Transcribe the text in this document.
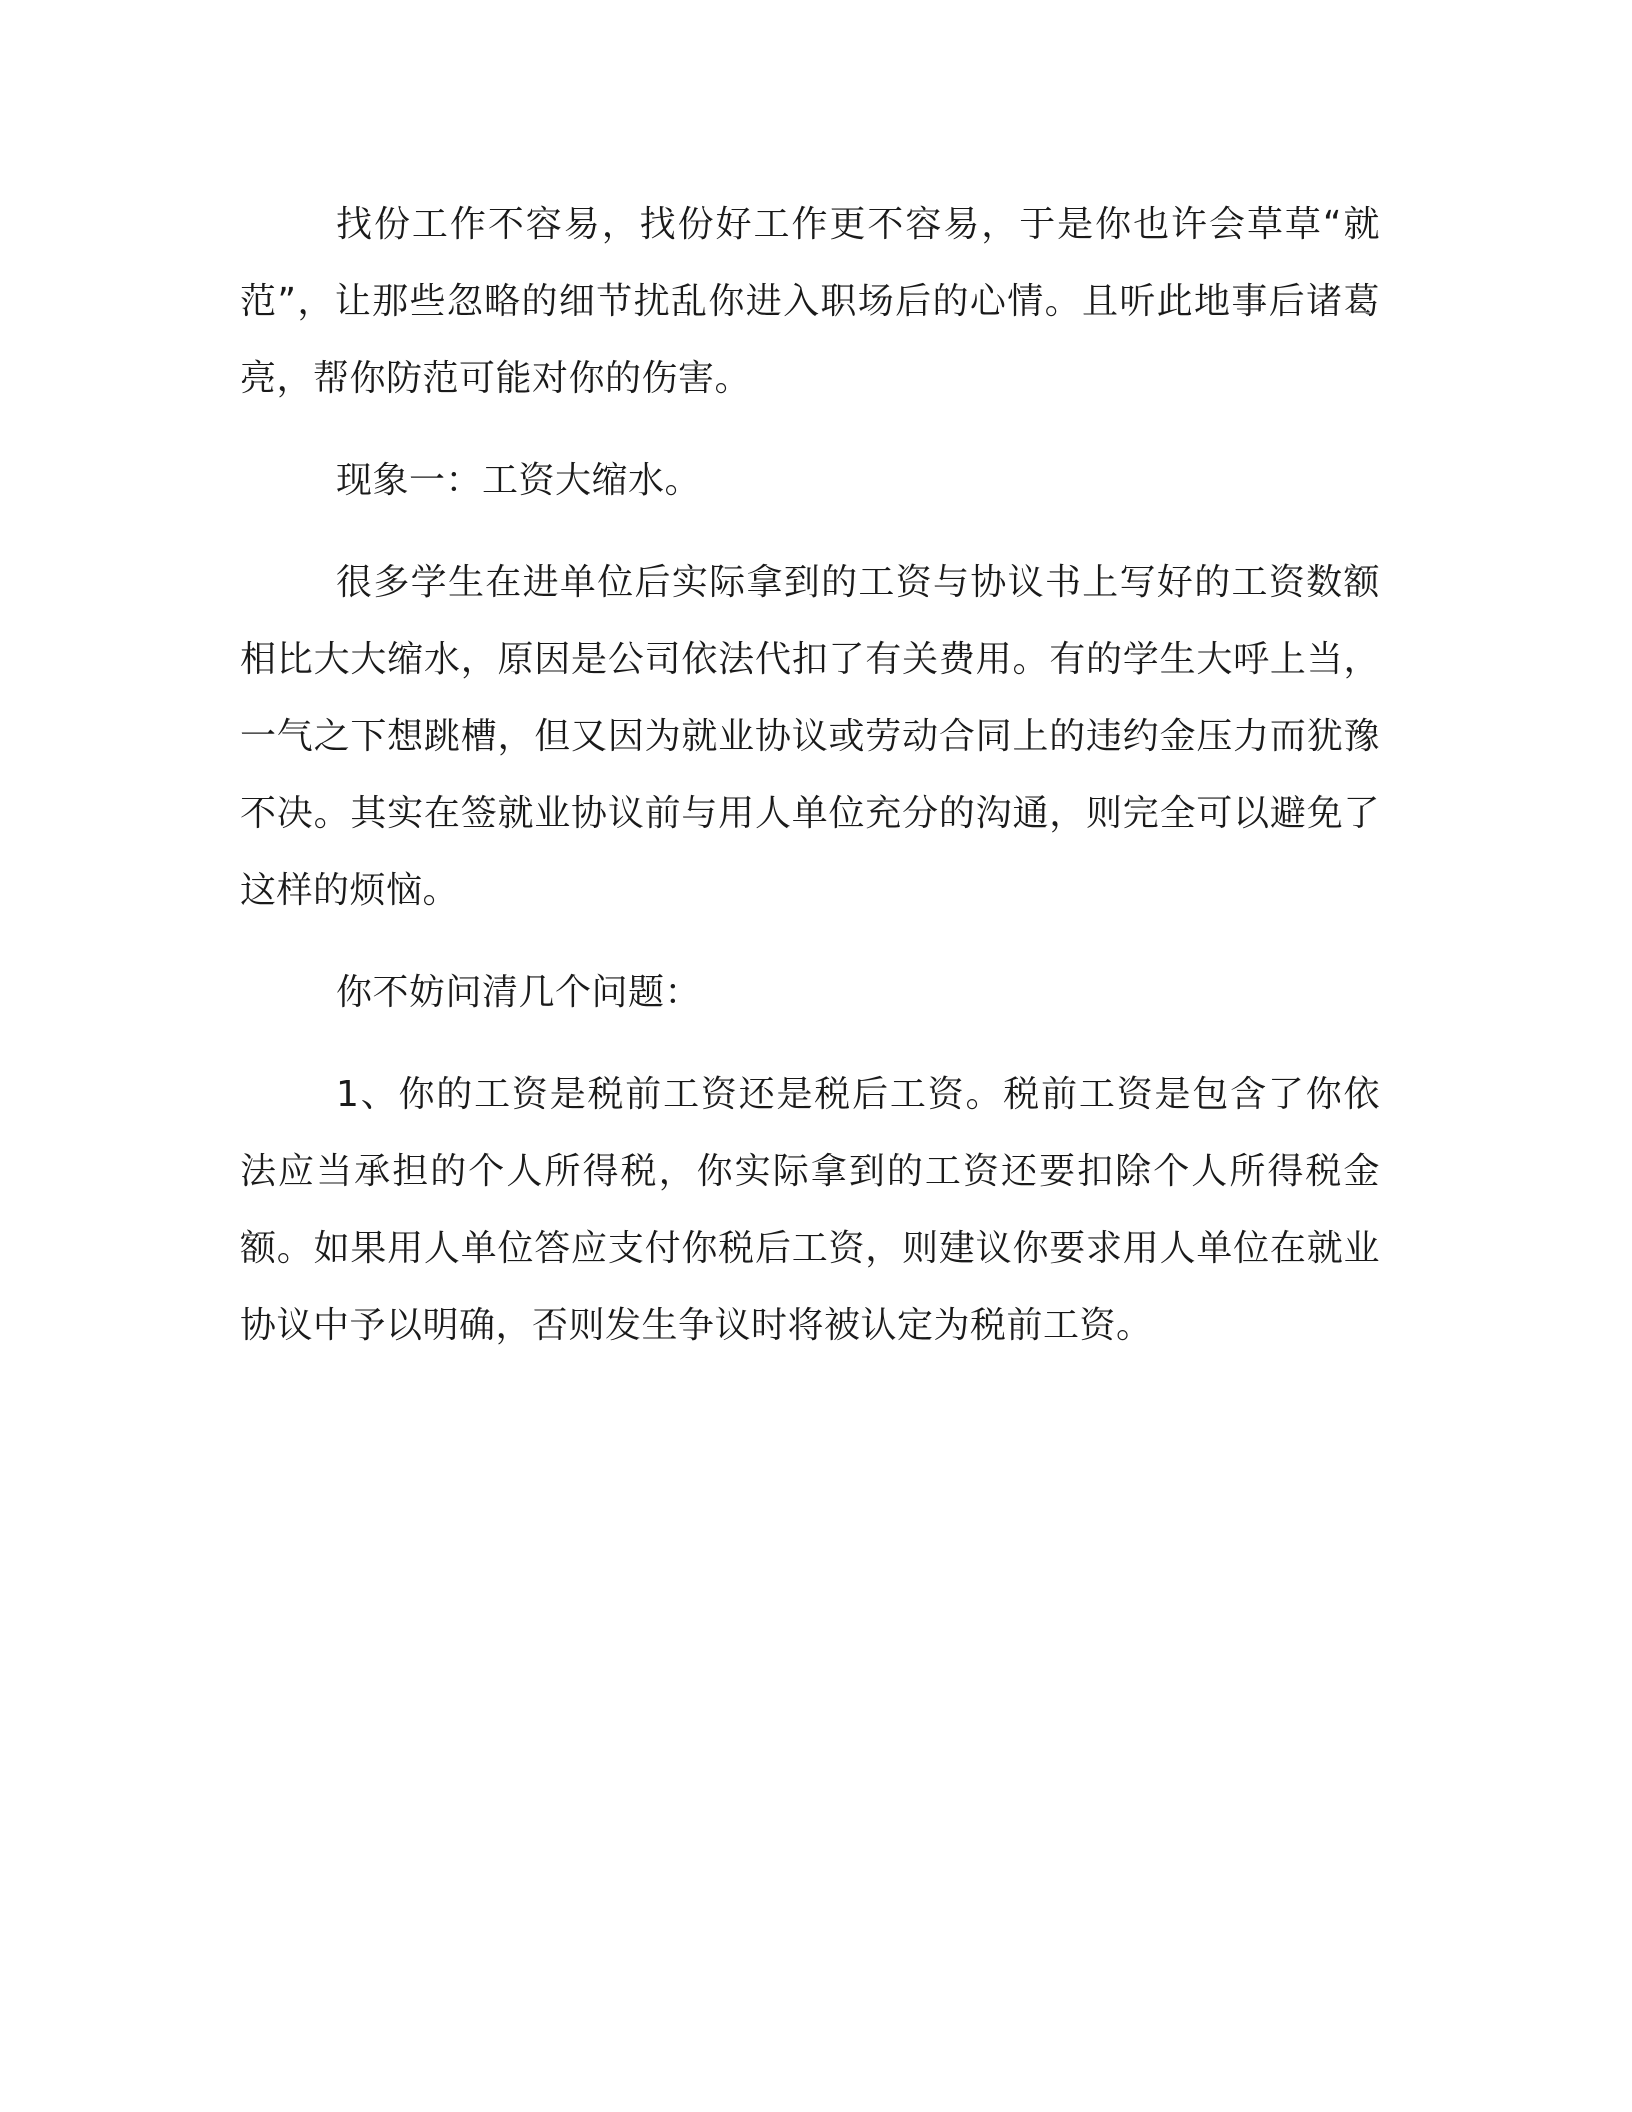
找份工作不容易，找份好工作更不容易，于是你也许会草草“就范”，让那些忽略的细节扰乱你进入职场后的心情。且听此地事后诸葛亮，帮你防范可能对你的伤害。

现象一：工资大缩水。

很多学生在进单位后实际拿到的工资与协议书上写好的工资数额相比大大缩水，原因是公司依法代扣了有关费用。有的学生大呼上当，一气之下想跳槽，但又因为就业协议或劳动合同上的违约金压力而犹豫不决。其实在签就业协议前与用人单位充分的沟通，则完全可以避免了这样的烦恼。

你不妨问清几个问题：

1、你的工资是税前工资还是税后工资。税前工资是包含了你依法应当承担的个人所得税，你实际拿到的工资还要扣除个人所得税金额。如果用人单位答应支付你税后工资，则建议你要求用人单位在就业协议中予以明确，否则发生争议时将被认定为税前工资。
